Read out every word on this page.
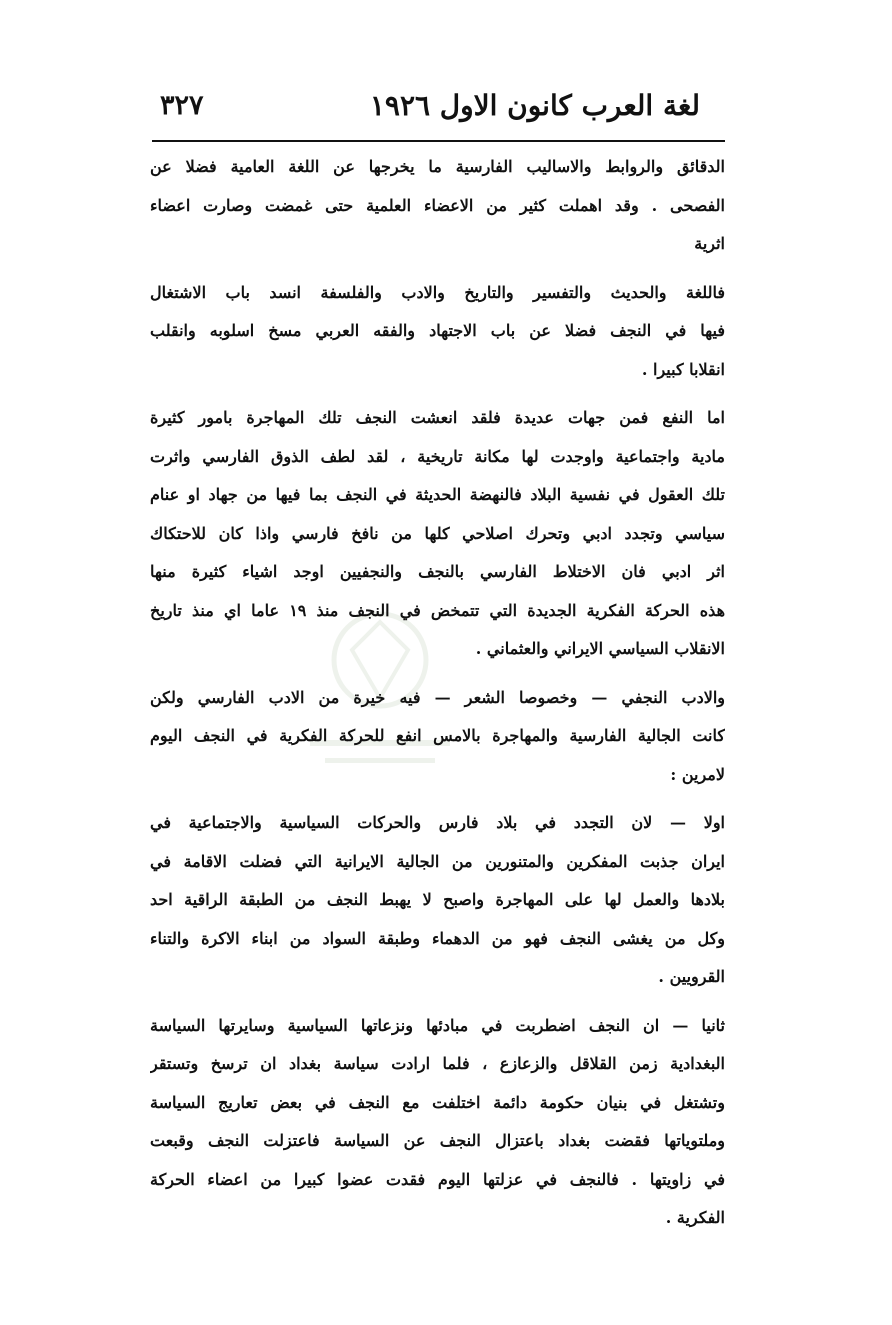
لغة العرب كانون الاول ١٩٢٦
٣٢٧
الدقائق والروابط والاساليب الفارسية ما يخرجها عن اللغة العامية فضلا عن
الفصحى . وقد اهملت كثير من الاعضاء العلمية حتى غمضت وصارت اعضاء
اثرية
فاللغة والحديث والتفسير والتاريخ والادب والفلسفة انسد باب الاشتغال
فيها في النجف فضلا عن باب الاجتهاد والفقه العربي مسخ اسلوبه وانقلب
انقلابا كبيرا .
اما النفع فمن جهات عديدة فلقد انعشت النجف تلك المهاجرة بامور كثيرة
مادية واجتماعية واوجدت لها مكانة تاريخية ، لقد لطف الذوق الفارسي واثرت
تلك العقول في نفسية البلاد فالنهضة الحديثة في النجف بما فيها من جهاد او عنام
سياسي وتجدد ادبي وتحرك اصلاحي كلها من نافخ فارسي واذا كان للاحتكاك
اثر ادبي فان الاختلاط الفارسي بالنجف والنجفيين اوجد اشياء كثيرة منها
هذه الحركة الفكرية الجديدة التي تتمخض في النجف منذ ١٩ عاما اي منذ تاريخ
الانقلاب السياسي الايراني والعثماني .
والادب النجفي — وخصوصا الشعر — فيه خيرة من الادب الفارسي ولكن
كانت الجالية الفارسية والمهاجرة بالامس انفع للحركة الفكرية في النجف اليوم
لامرين :
اولا — لان التجدد في بلاد فارس والحركات السياسية والاجتماعية في
ايران جذبت المفكرين والمتنورين من الجالية الايرانية التي فضلت الاقامة في
بلادها والعمل لها على المهاجرة واصبح لا يهبط النجف من الطبقة الراقية احد
وكل من يغشى النجف فهو من الدهماء وطبقة السواد من ابناء الاكرة والتناء
القرويين .
ثانيا — ان النجف اضطربت في مبادئها ونزعاتها السياسية وسايرتها السياسة
البغدادية زمن القلاقل والزعازع ، فلما ارادت سياسة بغداد ان ترسخ وتستقر
وتشتغل في بنيان حكومة دائمة اختلفت مع النجف في بعض تعاريج السياسة
وملتوياتها فقضت بغداد باعتزال النجف عن السياسة فاعتزلت النجف وقبعت
في زاويتها . فالنجف في عزلتها اليوم فقدت عضوا كبيرا من اعضاء الحركة
الفكرية .
